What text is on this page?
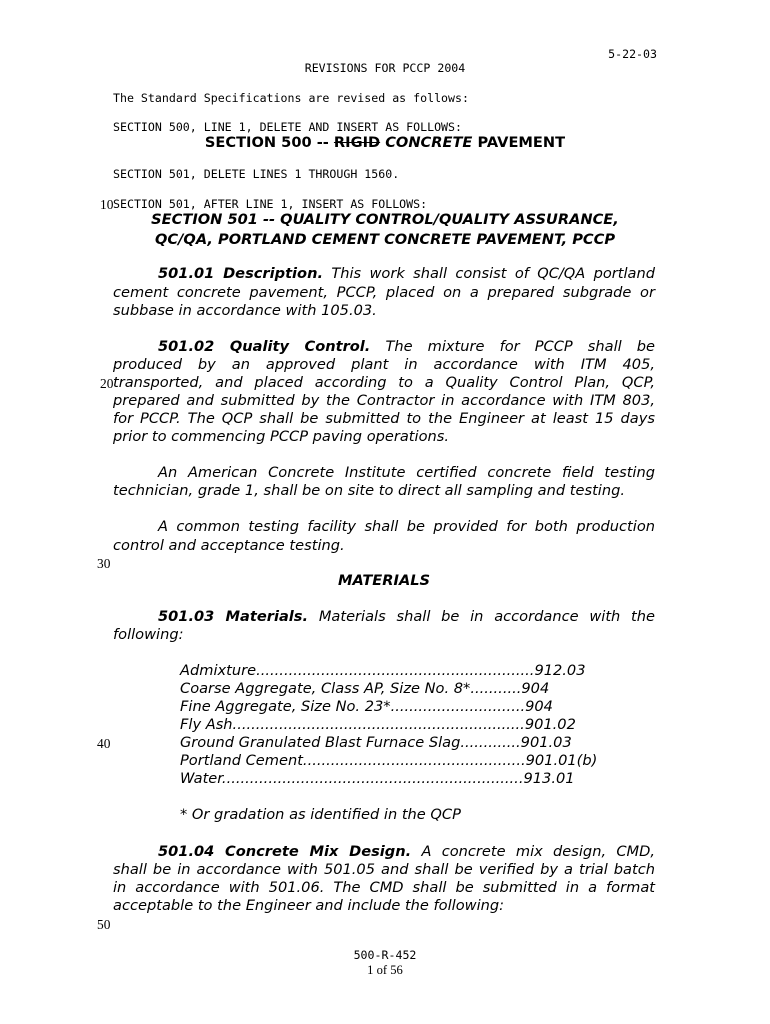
5-22-03
REVISIONS FOR PCCP 2004
The Standard Specifications are revised as follows:
SECTION 500, LINE 1, DELETE AND INSERT AS FOLLOWS:
SECTION 500 -- RIGID CONCRETE PAVEMENT
SECTION 501, DELETE LINES 1 THROUGH 1560.
10 SECTION 501, AFTER LINE 1, INSERT AS FOLLOWS:
SECTION 501 -- QUALITY CONTROL/QUALITY ASSURANCE,
QC/QA, PORTLAND CEMENT CONCRETE PAVEMENT, PCCP
501.01 Description. This work shall consist of QC/QA portland
cement concrete pavement, PCCP, placed on a prepared subgrade or
subbase in accordance with 105.03.
501.02 Quality Control. The mixture for PCCP shall be
produced by an approved plant in accordance with ITM 405,
20 transported, and placed according to a Quality Control Plan, QCP,
prepared and submitted by the Contractor in accordance with ITM 803,
for PCCP. The QCP shall be submitted to the Engineer at least 15 days
prior to commencing PCCP paving operations.
An American Concrete Institute certified concrete field testing
technician, grade 1, shall be on site to direct all sampling and testing.
A common testing facility shall be provided for both production
control and acceptance testing.
30
MATERIALS
501.03 Materials. Materials shall be in accordance with the
following:
Admixture............................................................912.03
Coarse Aggregate, Class AP, Size No. 8*...........904
Fine Aggregate, Size No. 23*.............................904
Fly Ash...............................................................901.02
40	Ground Granulated Blast Furnace Slag.............901.03
Portland Cement................................................901.01(b)
Water.................................................................913.01
* Or gradation as identified in the QCP
501.04 Concrete Mix Design. A concrete mix design, CMD,
shall be in accordance with 501.05 and shall be verified by a trial batch
in accordance with 501.06. The CMD shall be submitted in a format
acceptable to the Engineer and include the following:
50
500-R-452
1 of 56
